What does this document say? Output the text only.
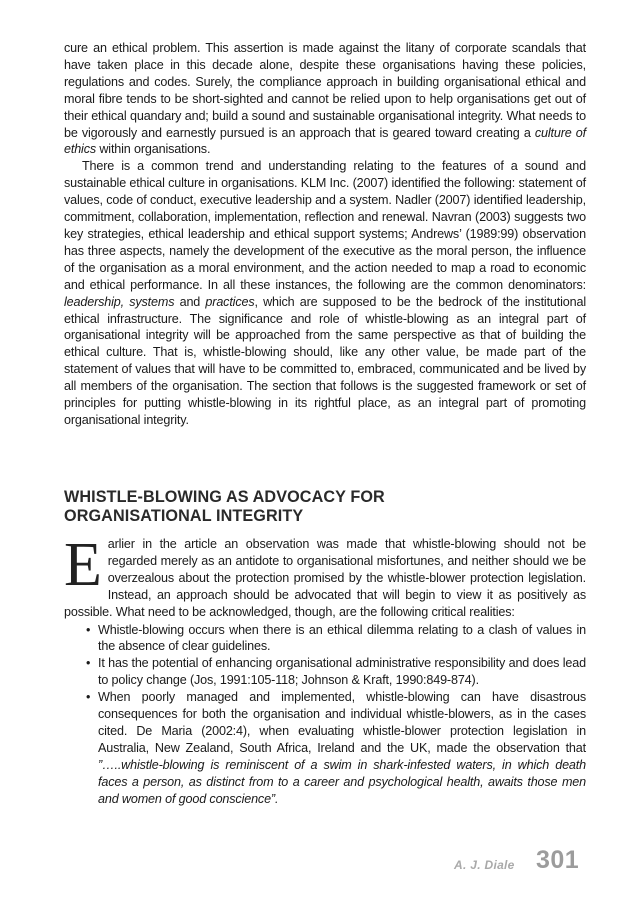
cure an ethical problem. This assertion is made against the litany of corporate scandals that have taken place in this decade alone, despite these organisations having these policies, regulations and codes. Surely, the compliance approach in building organisational ethical and moral fibre tends to be short-sighted and cannot be relied upon to help organisations get out of their ethical quandary and; build a sound and sustainable organisational integrity. What needs to be vigorously and earnestly pursued is an approach that is geared toward creating a culture of ethics within organisations.

There is a common trend and understanding relating to the features of a sound and sustainable ethical culture in organisations. KLM Inc. (2007) identified the following: statement of values, code of conduct, executive leadership and a system. Nadler (2007) identified leadership, commitment, collaboration, implementation, reflection and renewal. Navran (2003) suggests two key strategies, ethical leadership and ethical support systems; Andrews’ (1989:99) observation has three aspects, namely the development of the executive as the moral person, the influence of the organisation as a moral environment, and the action needed to map a road to economic and ethical performance. In all these instances, the following are the common denominators: leadership, systems and practices, which are supposed to be the bedrock of the institutional ethical infrastructure. The significance and role of whistle-blowing as an integral part of organisational integrity will be approached from the same perspective as that of building the ethical culture. That is, whistle-blowing should, like any other value, be made part of the statement of values that will have to be committed to, embraced, communicated and be lived by all members of the organisation. The section that follows is the suggested framework or set of principles for putting whistle-blowing in its rightful place, as an integral part of promoting organisational integrity.

WHISTLE-BLOWING AS ADVOCACY FOR
ORGANISATIONAL INTEGRITY

Earlier in the article an observation was made that whistle-blowing should not be regarded merely as an antidote to organisational misfortunes, and neither should we be overzealous about the protection promised by the whistle-blower protection legislation. Instead, an approach should be advocated that will begin to view it as positively as possible. What need to be acknowledged, though, are the following critical realities:

• Whistle-blowing occurs when there is an ethical dilemma relating to a clash of values in the absence of clear guidelines.
• It has the potential of enhancing organisational administrative responsibility and does lead to policy change (Jos, 1991:105-118; Johnson & Kraft, 1990:849-874).
• When poorly managed and implemented, whistle-blowing can have disastrous consequences for both the organisation and individual whistle-blowers, as in the cases cited. De Maria (2002:4), when evaluating whistle-blower protection legislation in Australia, New Zealand, South Africa, Ireland and the UK, made the observation that ”…..whistle-blowing is reminiscent of a swim in shark-infested waters, in which death faces a person, as distinct from to a career and psychological health, awaits those men and women of good conscience”.
A. J. Diale 301
